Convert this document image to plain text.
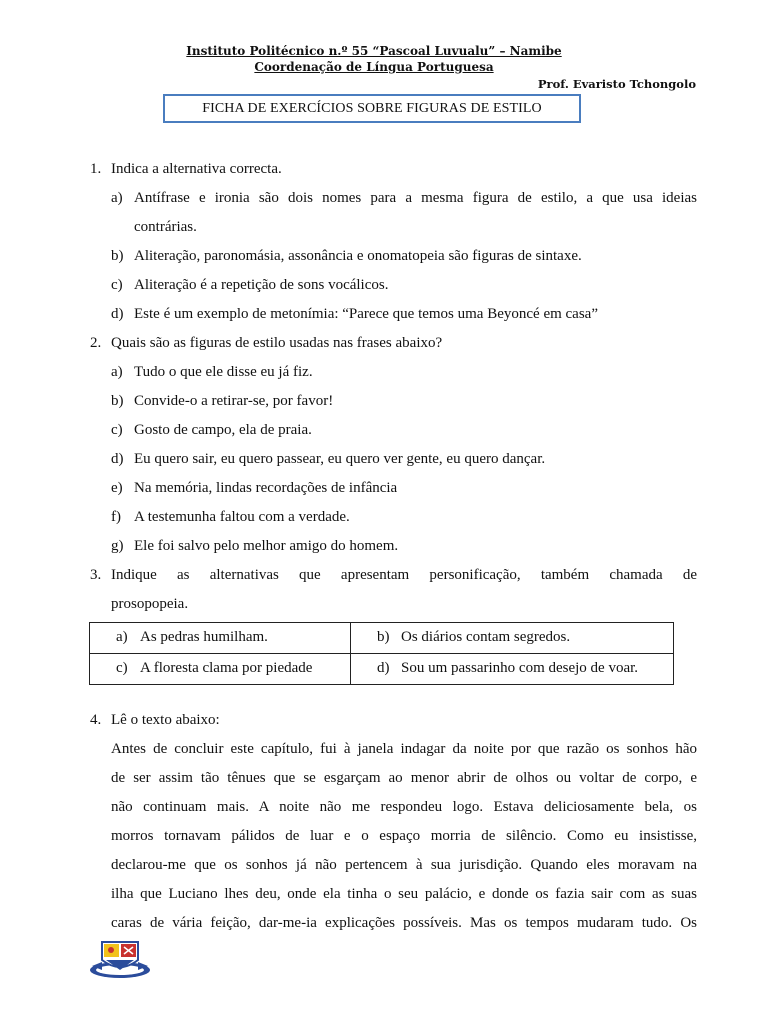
Instituto Politécnico n.º 55 “Pascoal Luvualu” – Namibe
Coordenação de Língua Portuguesa
Prof. Evaristo Tchongolo
FICHA DE EXERCÍCIOS SOBRE FIGURAS DE ESTILO
1. Indica a alternativa correcta.
a) Antífrase e ironia são dois nomes para a mesma figura de estilo, a que usa ideias
contrárias.
b) Aliteração, paronomásia, assonância e onomatopeia são figuras de sintaxe.
c) Aliteração é a repetição de sons vocálicos.
d) Este é um exemplo de metonímia: “Parece que temos uma Beyoncé em casa”
2. Quais são as figuras de estilo usadas nas frases abaixo?
a) Tudo o que ele disse eu já fiz.
b) Convide-o a retirar-se, por favor!
c) Gosto de campo, ela de praia.
d) Eu quero sair, eu quero passear, eu quero ver gente, eu quero dançar.
e) Na memória, lindas recordações de infância
f) A testemunha faltou com a verdade.
g) Ele foi salvo pelo melhor amigo do homem.
3. Indique as alternativas que apresentam personificação, também chamada de
prosopopeia.
a) As pedras humilham.	b) Os diários contam segredos.
c) A floresta clama por piedade	d) Sou um passarinho com desejo de voar.
4. Lê o texto abaixo:
Antes de concluir este capítulo, fui à janela indagar da noite por que razão os sonhos hão
de ser assim tão tênues que se esgarçam ao menor abrir de olhos ou voltar de corpo, e
não continuam mais. A noite não me respondeu logo. Estava deliciosamente bela, os
morros tornavam pálidos de luar e o espaço morria de silêncio. Como eu insistisse,
declarou-me que os sonhos já não pertencem à sua jurisdição. Quando eles moravam na
ilha que Luciano lhes deu, onde ela tinha o seu palácio, e donde os fazia sair com as suas
caras de vária feição, dar-me-ia explicações possíveis. Mas os tempos mudaram tudo. Os
